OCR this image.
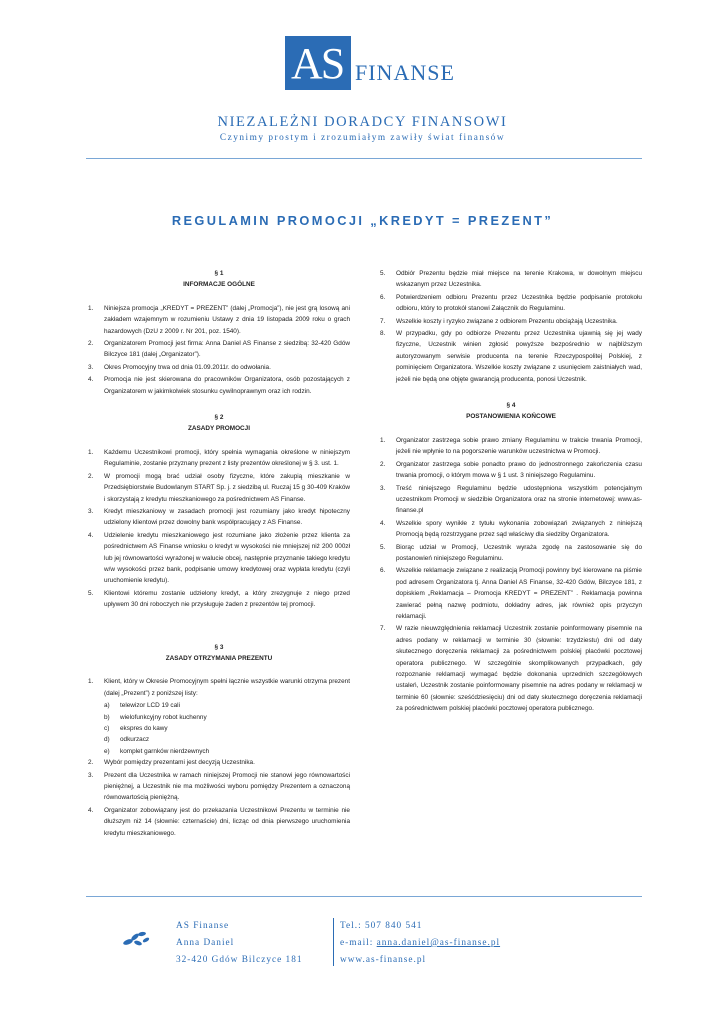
AS FINANSE
NIEZALEŻNI DORADCY FINANSOWI
Czynimy prostym i zrozumiałym zawiły świat finansów
REGULAMIN PROMOCJI „KREDYT = PREZENT”
§ 1
INFORMACJE OGÓLNE
1. Niniejsza promocja „KREDYT = PREZENT” (dalej „Promocja”), nie jest grą losową ani zakładem wzajemnym w rozumieniu Ustawy z dnia 19 listopada 2009 roku o grach hazardowych (DzU z 2009 r. Nr 201, poz. 1540).
2. Organizatorem Promocji jest firma: Anna Daniel AS Finanse z siedzibą: 32-420 Gdów Bilczyce 181 (dalej „Organizator”).
3. Okres Promocyjny trwa od dnia 01.09.2011r. do odwołania.
4. Promocja nie jest skierowana do pracowników Organizatora, osób pozostających z Organizatorem w jakimkolwiek stosunku cywilnoprawnym oraz ich rodzin.
§ 2
ZASADY PROMOCJI
1. Każdemu Uczestnikowi promocji, który spełnia wymagania określone w niniejszym Regulaminie, zostanie przyznany prezent z listy prezentów określonej w § 3. ust. 1.
2. W promocji mogą brać udział osoby fizyczne, które zakupią mieszkanie w Przedsiębiorstwie Budowlanym START Sp. j. z siedzibą ul. Ruczaj 15 g 30-409 Kraków i skorzystają z kredytu mieszkaniowego za pośrednictwem AS Finanse.
3. Kredyt mieszkaniowy w zasadach promocji jest rozumiany jako kredyt hipoteczny udzielony klientowi przez dowolny bank współpracujący z AS Finanse.
4. Udzielenie kredytu mieszkaniowego jest rozumiane jako złożenie przez klienta za pośrednictwem AS Finanse wniosku o kredyt w wysokości nie mniejszej niż 200 000zł lub jej równowartości wyrażonej w walucie obcej, następnie przyznanie takiego kredytu w/w wysokości przez bank, podpisanie umowy kredytowej oraz wypłata kredytu (czyli uruchomienie kredytu).
5. Klientowi któremu zostanie udzielony kredyt, a który zrezygnuje z niego przed upływem 30 dni roboczych nie przysługuje żaden z prezentów tej promocji.
§ 3
ZASADY OTRZYMANIA PREZENTU
1. Klient, który w Okresie Promocyjnym spełni łącznie wszystkie warunki otrzyma prezent (dalej „Prezent”) z poniższej listy:
a) telewizor LCD 19 cali
b) wielofunkcyjny robot kuchenny
c) ekspres do kawy
d) odkurzacz
e) komplet garnków nierdzewnych
2. Wybór pomiędzy prezentami jest decyzją Uczestnika.
3. Prezent dla Uczestnika w ramach niniejszej Promocji nie stanowi jego równowartości pieniężnej, a Uczestnik nie ma możliwości wyboru pomiędzy Prezentem a oznaczoną równowartością pieniężną.
4. Organizator zobowiązany jest do przekazania Uczestnikowi Prezentu w terminie nie dłuższym niż 14 (słownie: czternaście) dni, licząc od dnia pierwszego uruchomienia kredytu mieszkaniowego.
5. Odbiór Prezentu będzie miał miejsce na terenie Krakowa, w dowolnym miejscu wskazanym przez Uczestnika.
6. Potwierdzeniem odbioru Prezentu przez Uczestnika będzie podpisanie protokołu odbioru, który to protokół stanowi Załącznik do Regulaminu.
7. Wszelkie koszty i ryzyko związane z odbiorem Prezentu obciążają Uczestnika.
8. W przypadku, gdy po odbiorze Prezentu przez Uczestnika ujawnią się jej wady fizyczne, Uczestnik winien zgłosić powyższe bezpośrednio w najbliższym autoryzowanym serwisie producenta na terenie Rzeczypospolitej Polskiej, z pominięciem Organizatora. Wszelkie koszty związane z usunięciem zaistniałych wad, jeżeli nie będą one objęte gwarancją producenta, ponosi Uczestnik.
§ 4
POSTANOWIENIA KOŃCOWE
1. Organizator zastrzega sobie prawo zmiany Regulaminu w trakcie trwania Promocji, jeżeli nie wpłynie to na pogorszenie warunków uczestnictwa w Promocji.
2. Organizator zastrzega sobie ponadto prawo do jednostronnego zakończenia czasu trwania promocji, o którym mowa w § 1 ust. 3 niniejszego Regulaminu.
3. Treść niniejszego Regulaminu będzie udostępniona wszystkim potencjalnym uczestnikom Promocji w siedzibie Organizatora oraz na stronie internetowej: www.as-finanse.pl
4. Wszelkie spory wynikłe z tytułu wykonania zobowiązań związanych z niniejszą Promocją będą rozstrzygane przez sąd właściwy dla siedziby Organizatora.
5. Biorąc udział w Promocji, Uczestnik wyraża zgodę na zastosowanie się do postanowień niniejszego Regulaminu.
6. Wszelkie reklamacje związane z realizacją Promocji powinny być kierowane na piśmie pod adresem Organizatora tj. Anna Daniel AS Finanse, 32-420 Gdów, Bilczyce 181, z dopiskiem „Reklamacja – Promocja KREDYT = PREZENT” . Reklamacja powinna zawierać pełną nazwę podmiotu, dokładny adres, jak również opis przyczyn reklamacji.
7. W razie nieuwzględnienia reklamacji Uczestnik zostanie poinformowany pisemnie na adres podany w reklamacji w terminie 30 (słownie: trzydziestu) dni od daty skutecznego doręczenia reklamacji za pośrednictwem polskiej placówki pocztowej operatora publicznego. W szczególnie skomplikowanych przypadkach, gdy rozpoznanie reklamacji wymagać będzie dokonania uprzednich szczegółowych ustaleń, Uczestnik zostanie poinformowany pisemnie na adres podany w reklamacji w terminie 60 (słownie: sześćdziesięciu) dni od daty skutecznego doręczenia reklamacji za pośrednictwem polskiej placówki pocztowej operatora publicznego.
AS Finanse
Anna Daniel
32-420 Gdów Bilczyce 181
Tel.: 507 840 541
e-mail: anna.daniel@as-finanse.pl
www.as-finanse.pl
